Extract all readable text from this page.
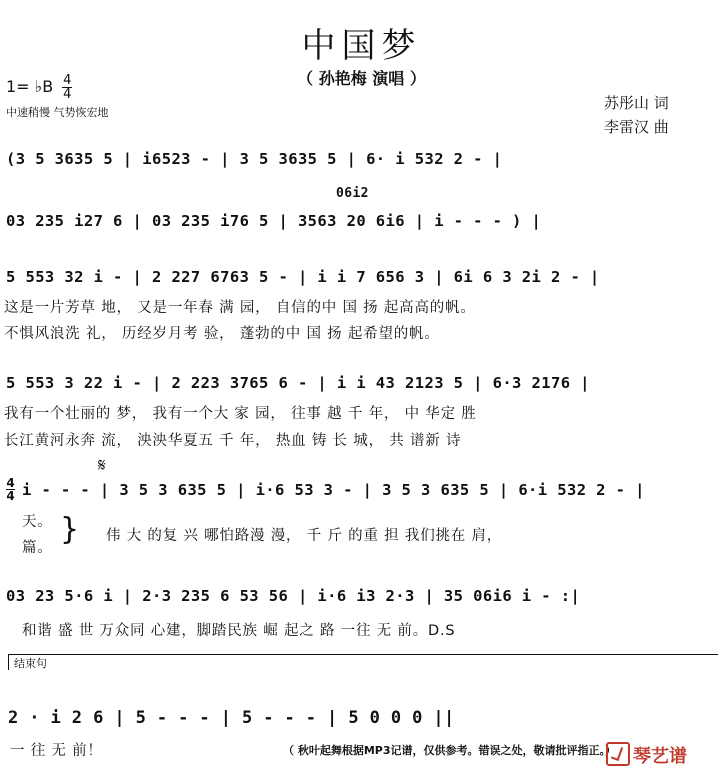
中国梦
（ 孙艳梅 演唱 ）
1= ♭B $\frac{4}{4}$
中速稍慢 气势恢宏地
苏彤山 词
李雷汉 曲
(3 5 3635 5 | i6523 - | 3 5 3635 5 | 6· i 532 2 - |
06i2
03 235 i27 6 | 03 235 i76 5 | 3563 20 6i6 | i - - - ) |
5 553 32 i - | 2 227 6763 5 - | i i 7 656 3 | 6i 6 3 2i 2 - |
这是一片芳草 地， 又是一年春 满 园， 自信的中 国 扬 起高高的帆。
不惧风浪洗 礼， 历经岁月考 验， 蓬勃的中 国 扬 起希望的帆。
5 553 3 22 i - | 2 223 3765 6 - | i i 43 2123 5 | 6·3 2176 |
我有一个壮丽的 梦， 我有一个大 家 园， 往事 越 千 年， 中 华定 胜
长江黄河永奔 流， 泱泱华夏五 千 年， 热血 铸 长 城， 共 谱新 诗
𝄋
4
4 i - - - | 3 5 3 635 5 | i·6 53 3 - | 3 5 3 635 5 | 6·i 532 2 - |
天。
篇。
} 伟 大 的复 兴 哪怕路漫 漫， 千 斤 的重 担 我们挑在 肩，
03 23 5·6 i | 2·3 235 6 53 56 | i·6 i3 2·3 | 35 06i6 i - :|
和谐 盛 世 万众同 心建，脚踏民族 崛 起之 路 一往 无 前。D.S
结束句
2 · i 2 6 | 5 - - - | 5 - - - | 5 0 0 0 ||
一 往 无 前！	（ 秋叶起舞根据MP3记谱，仅供参考。错误之处，敬请批评指正。） 琴艺谱
